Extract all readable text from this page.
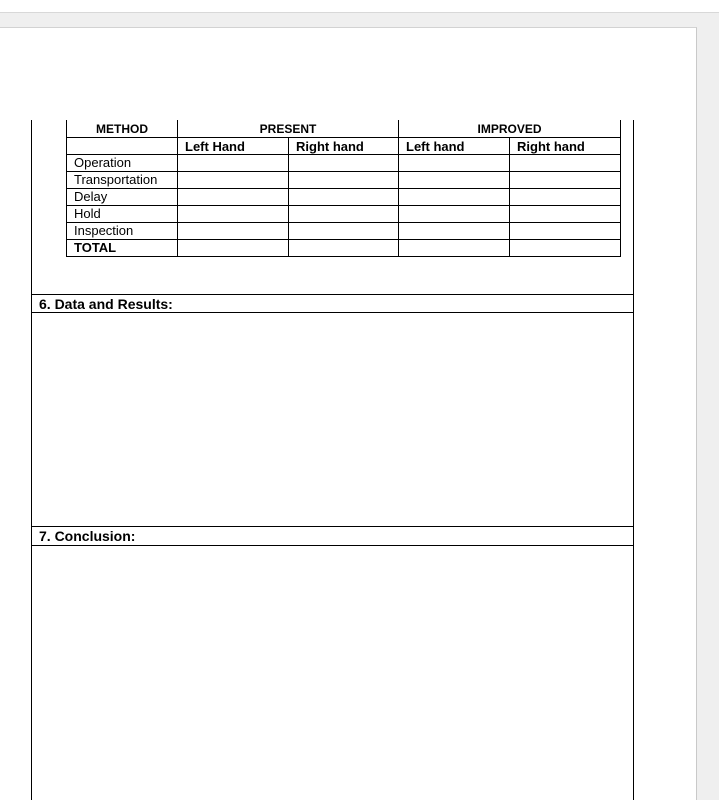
METHOD	PRESENT		IMPROVED	
	Left Hand	Right hand	Left hand	Right hand
Operation				
Transportation				
Delay				
Hold				
Inspection				
TOTAL				
6. Data and Results:
7. Conclusion:
